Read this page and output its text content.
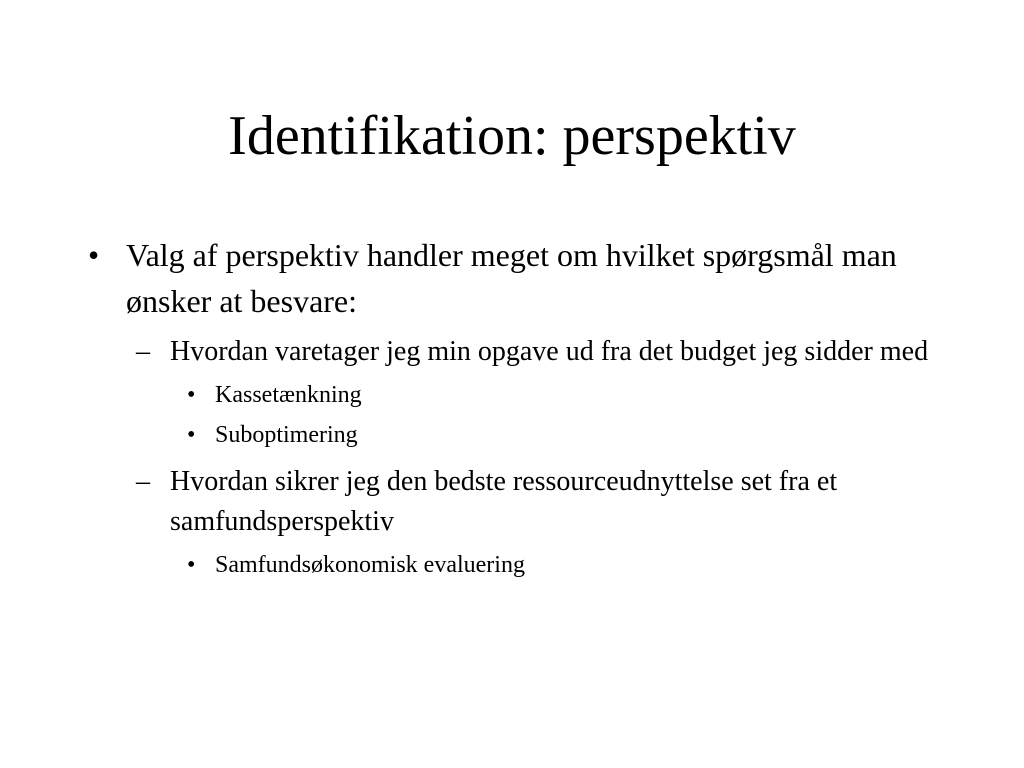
Identifikation: perspektiv
• Valg af perspektiv handler meget om hvilket spørgsmål man ønsker at besvare:
– Hvordan varetager jeg min opgave ud fra det budget jeg sidder med
• Kassetænkning
• Suboptimering
– Hvordan sikrer jeg den bedste ressourceudnyttelse set fra et samfundsperspektiv
• Samfundsøkonomisk evaluering
